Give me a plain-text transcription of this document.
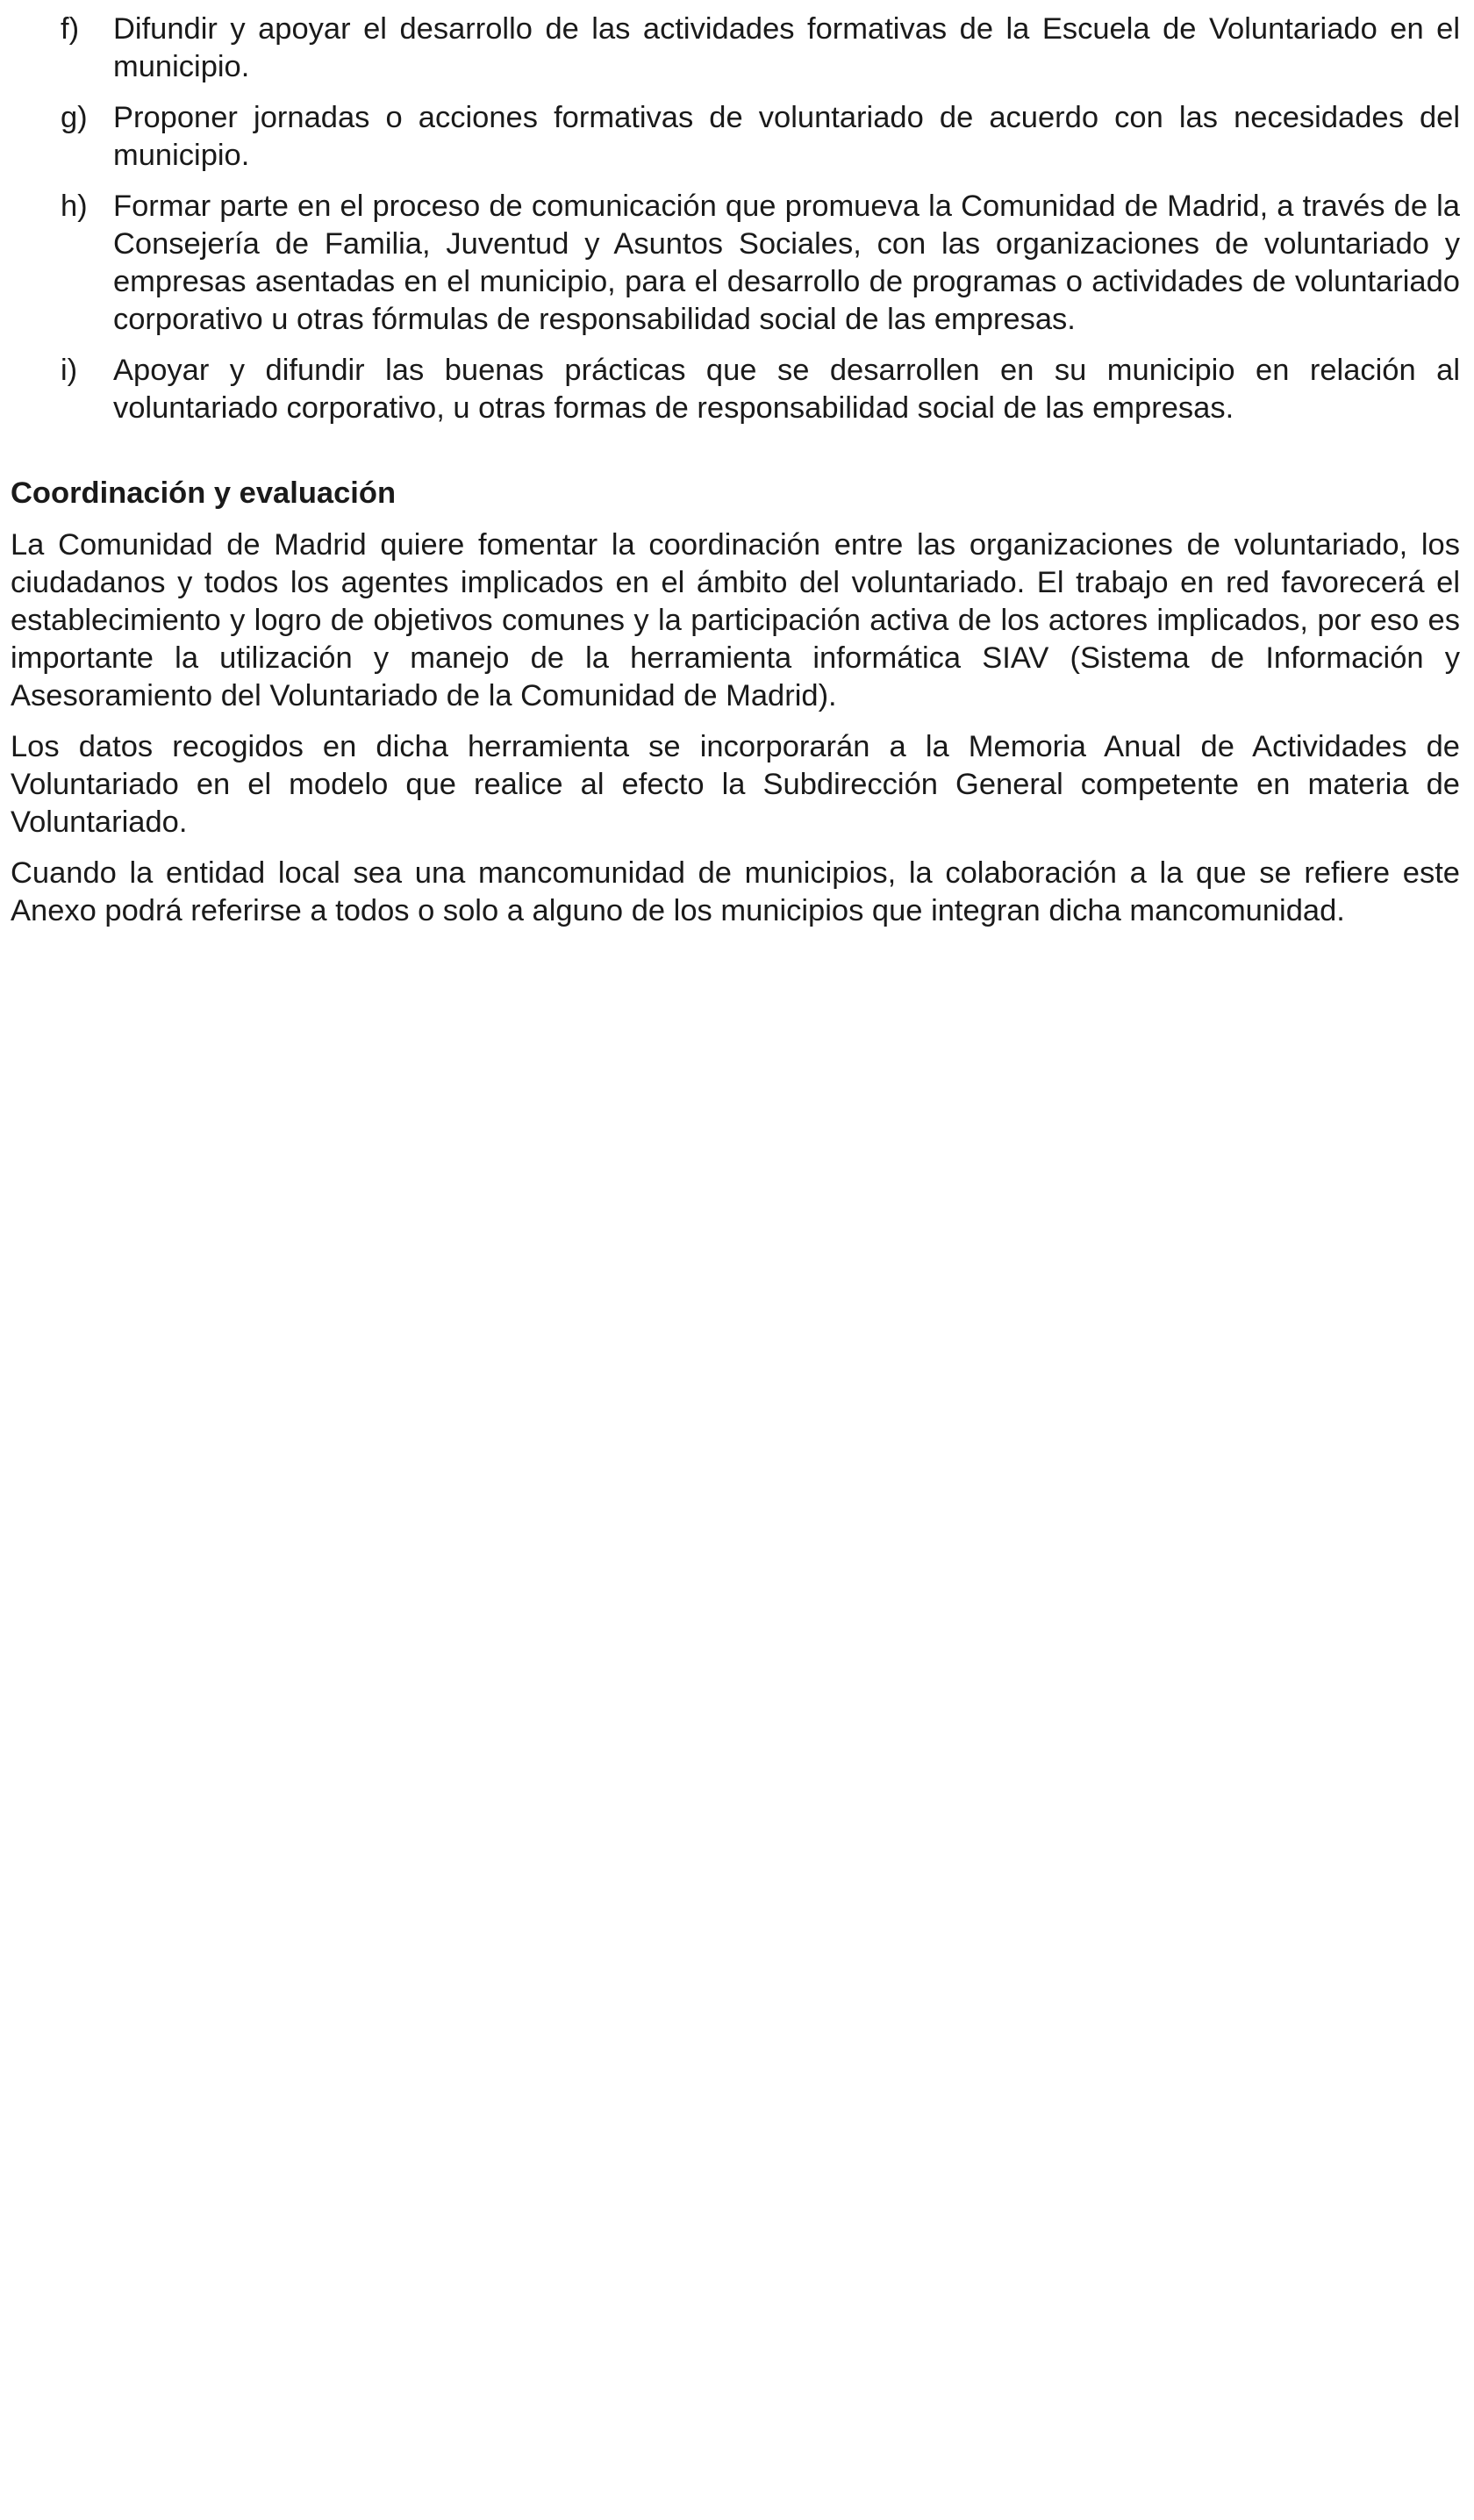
f) Difundir y apoyar el desarrollo de las actividades formativas de la Escuela de Voluntariado en el municipio.
g) Proponer jornadas o acciones formativas de voluntariado de acuerdo con las necesidades del municipio.
h) Formar parte en el proceso de comunicación que promueva la Comunidad de Madrid, a través de la Consejería de Familia, Juventud y Asuntos Sociales, con las organizaciones de voluntariado y empresas asentadas en el municipio, para el desarrollo de programas o actividades de voluntariado corporativo u otras fórmulas de responsabilidad social de las empresas.
i) Apoyar y difundir las buenas prácticas que se desarrollen en su municipio en relación al voluntariado corporativo, u otras formas de responsabilidad social de las empresas.
Coordinación y evaluación

La Comunidad de Madrid quiere fomentar la coordinación entre las organizaciones de voluntariado, los ciudadanos y todos los agentes implicados en el ámbito del voluntariado. El trabajo en red favorecerá el establecimiento y logro de objetivos comunes y la participación activa de los actores implicados, por eso es importante la utilización y manejo de la herramienta informática SIAV (Sistema de Información y Asesoramiento del Voluntariado de la Comunidad de Madrid).

Los datos recogidos en dicha herramienta se incorporarán a la Memoria Anual de Actividades de Voluntariado en el modelo que realice al efecto la Subdirección General competente en materia de Voluntariado.

Cuando la entidad local sea una mancomunidad de municipios, la colaboración a la que se refiere este Anexo podrá referirse a todos o solo a alguno de los municipios que integran dicha mancomunidad.
